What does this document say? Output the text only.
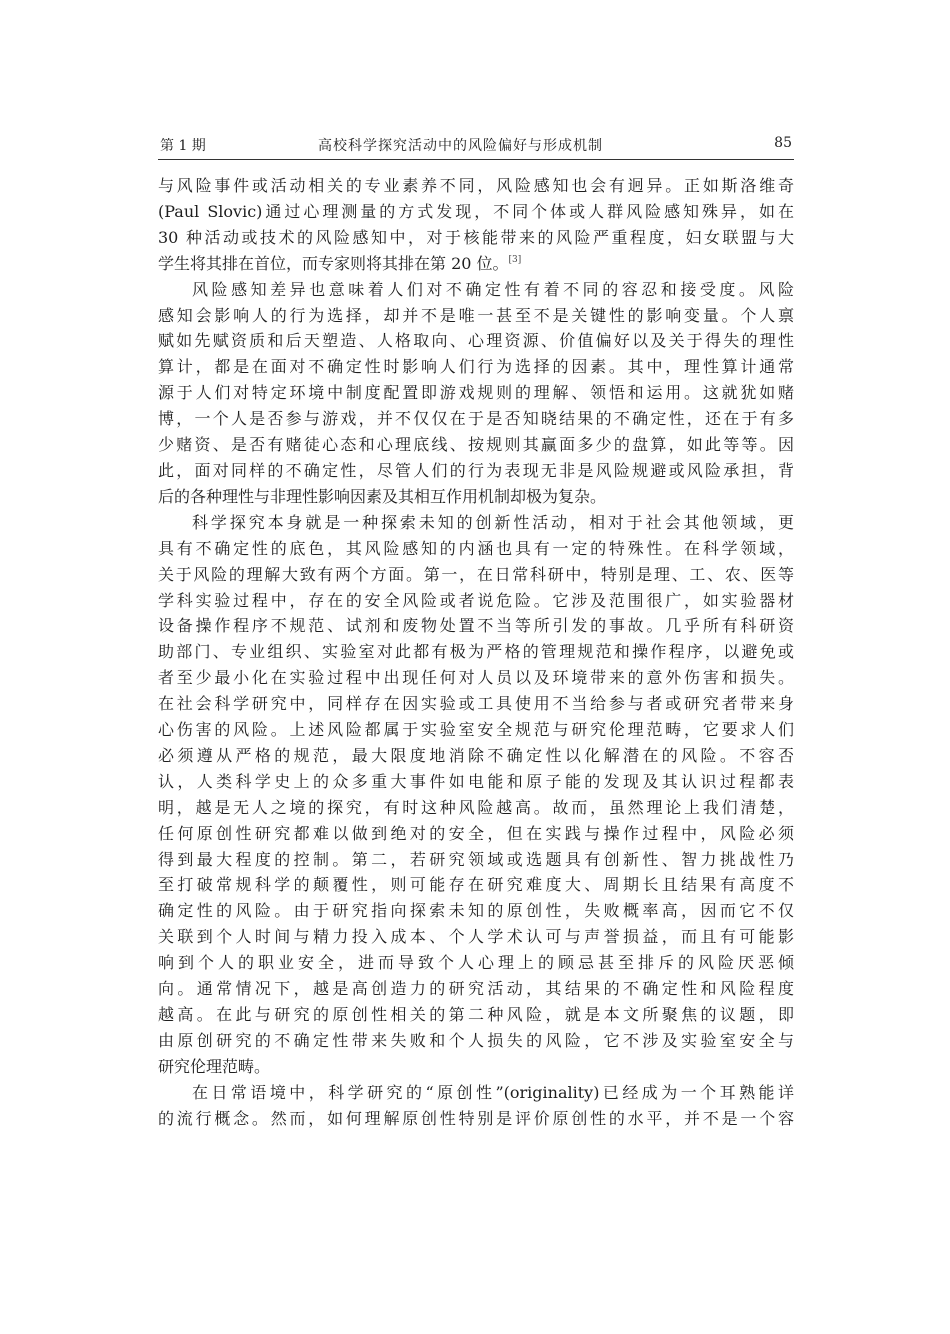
第 1 期	高校科学探究活动中的风险偏好与形成机制	85
与风险事件或活动相关的专业素养不同，风险感知也会有迥异。正如斯洛维奇
(Paul Slovic)通过心理测量的方式发现，不同个体或人群风险感知殊异，如在
30 种活动或技术的风险感知中，对于核能带来的风险严重程度，妇女联盟与大
学生将其排在首位，而专家则将其排在第 20 位。[3]
风险感知差异也意味着人们对不确定性有着不同的容忍和接受度。风险
感知会影响人的行为选择，却并不是唯一甚至不是关键性的影响变量。个人禀
赋如先赋资质和后天塑造、人格取向、心理资源、价值偏好以及关于得失的理性
算计，都是在面对不确定性时影响人们行为选择的因素。其中，理性算计通常
源于人们对特定环境中制度配置即游戏规则的理解、领悟和运用。这就犹如赌
博，一个人是否参与游戏，并不仅仅在于是否知晓结果的不确定性，还在于有多
少赌资、是否有赌徒心态和心理底线、按规则其赢面多少的盘算，如此等等。因
此，面对同样的不确定性，尽管人们的行为表现无非是风险规避或风险承担，背
后的各种理性与非理性影响因素及其相互作用机制却极为复杂。
科学探究本身就是一种探索未知的创新性活动，相对于社会其他领域，更
具有不确定性的底色，其风险感知的内涵也具有一定的特殊性。在科学领域，
关于风险的理解大致有两个方面。第一，在日常科研中，特别是理、工、农、医等
学科实验过程中，存在的安全风险或者说危险。它涉及范围很广，如实验器材
设备操作程序不规范、试剂和废物处置不当等所引发的事故。几乎所有科研资
助部门、专业组织、实验室对此都有极为严格的管理规范和操作程序，以避免或
者至少最小化在实验过程中出现任何对人员以及环境带来的意外伤害和损失。
在社会科学研究中，同样存在因实验或工具使用不当给参与者或研究者带来身
心伤害的风险。上述风险都属于实验室安全规范与研究伦理范畴，它要求人们
必须遵从严格的规范，最大限度地消除不确定性以化解潜在的风险。不容否
认，人类科学史上的众多重大事件如电能和原子能的发现及其认识过程都表
明，越是无人之境的探究，有时这种风险越高。故而，虽然理论上我们清楚，
任何原创性研究都难以做到绝对的安全，但在实践与操作过程中，风险必须
得到最大程度的控制。第二，若研究领域或选题具有创新性、智力挑战性乃
至打破常规科学的颠覆性，则可能存在研究难度大、周期长且结果有高度不
确定性的风险。由于研究指向探索未知的原创性，失败概率高，因而它不仅
关联到个人时间与精力投入成本、个人学术认可与声誉损益，而且有可能影
响到个人的职业安全，进而导致个人心理上的顾忌甚至排斥的风险厌恶倾
向。通常情况下，越是高创造力的研究活动，其结果的不确定性和风险程度
越高。在此与研究的原创性相关的第二种风险，就是本文所聚焦的议题，即
由原创研究的不确定性带来失败和个人损失的风险，它不涉及实验室安全与
研究伦理范畴。
在日常语境中，科学研究的“原创性”(originality)已经成为一个耳熟能详
的流行概念。然而，如何理解原创性特别是评价原创性的水平，并不是一个容
